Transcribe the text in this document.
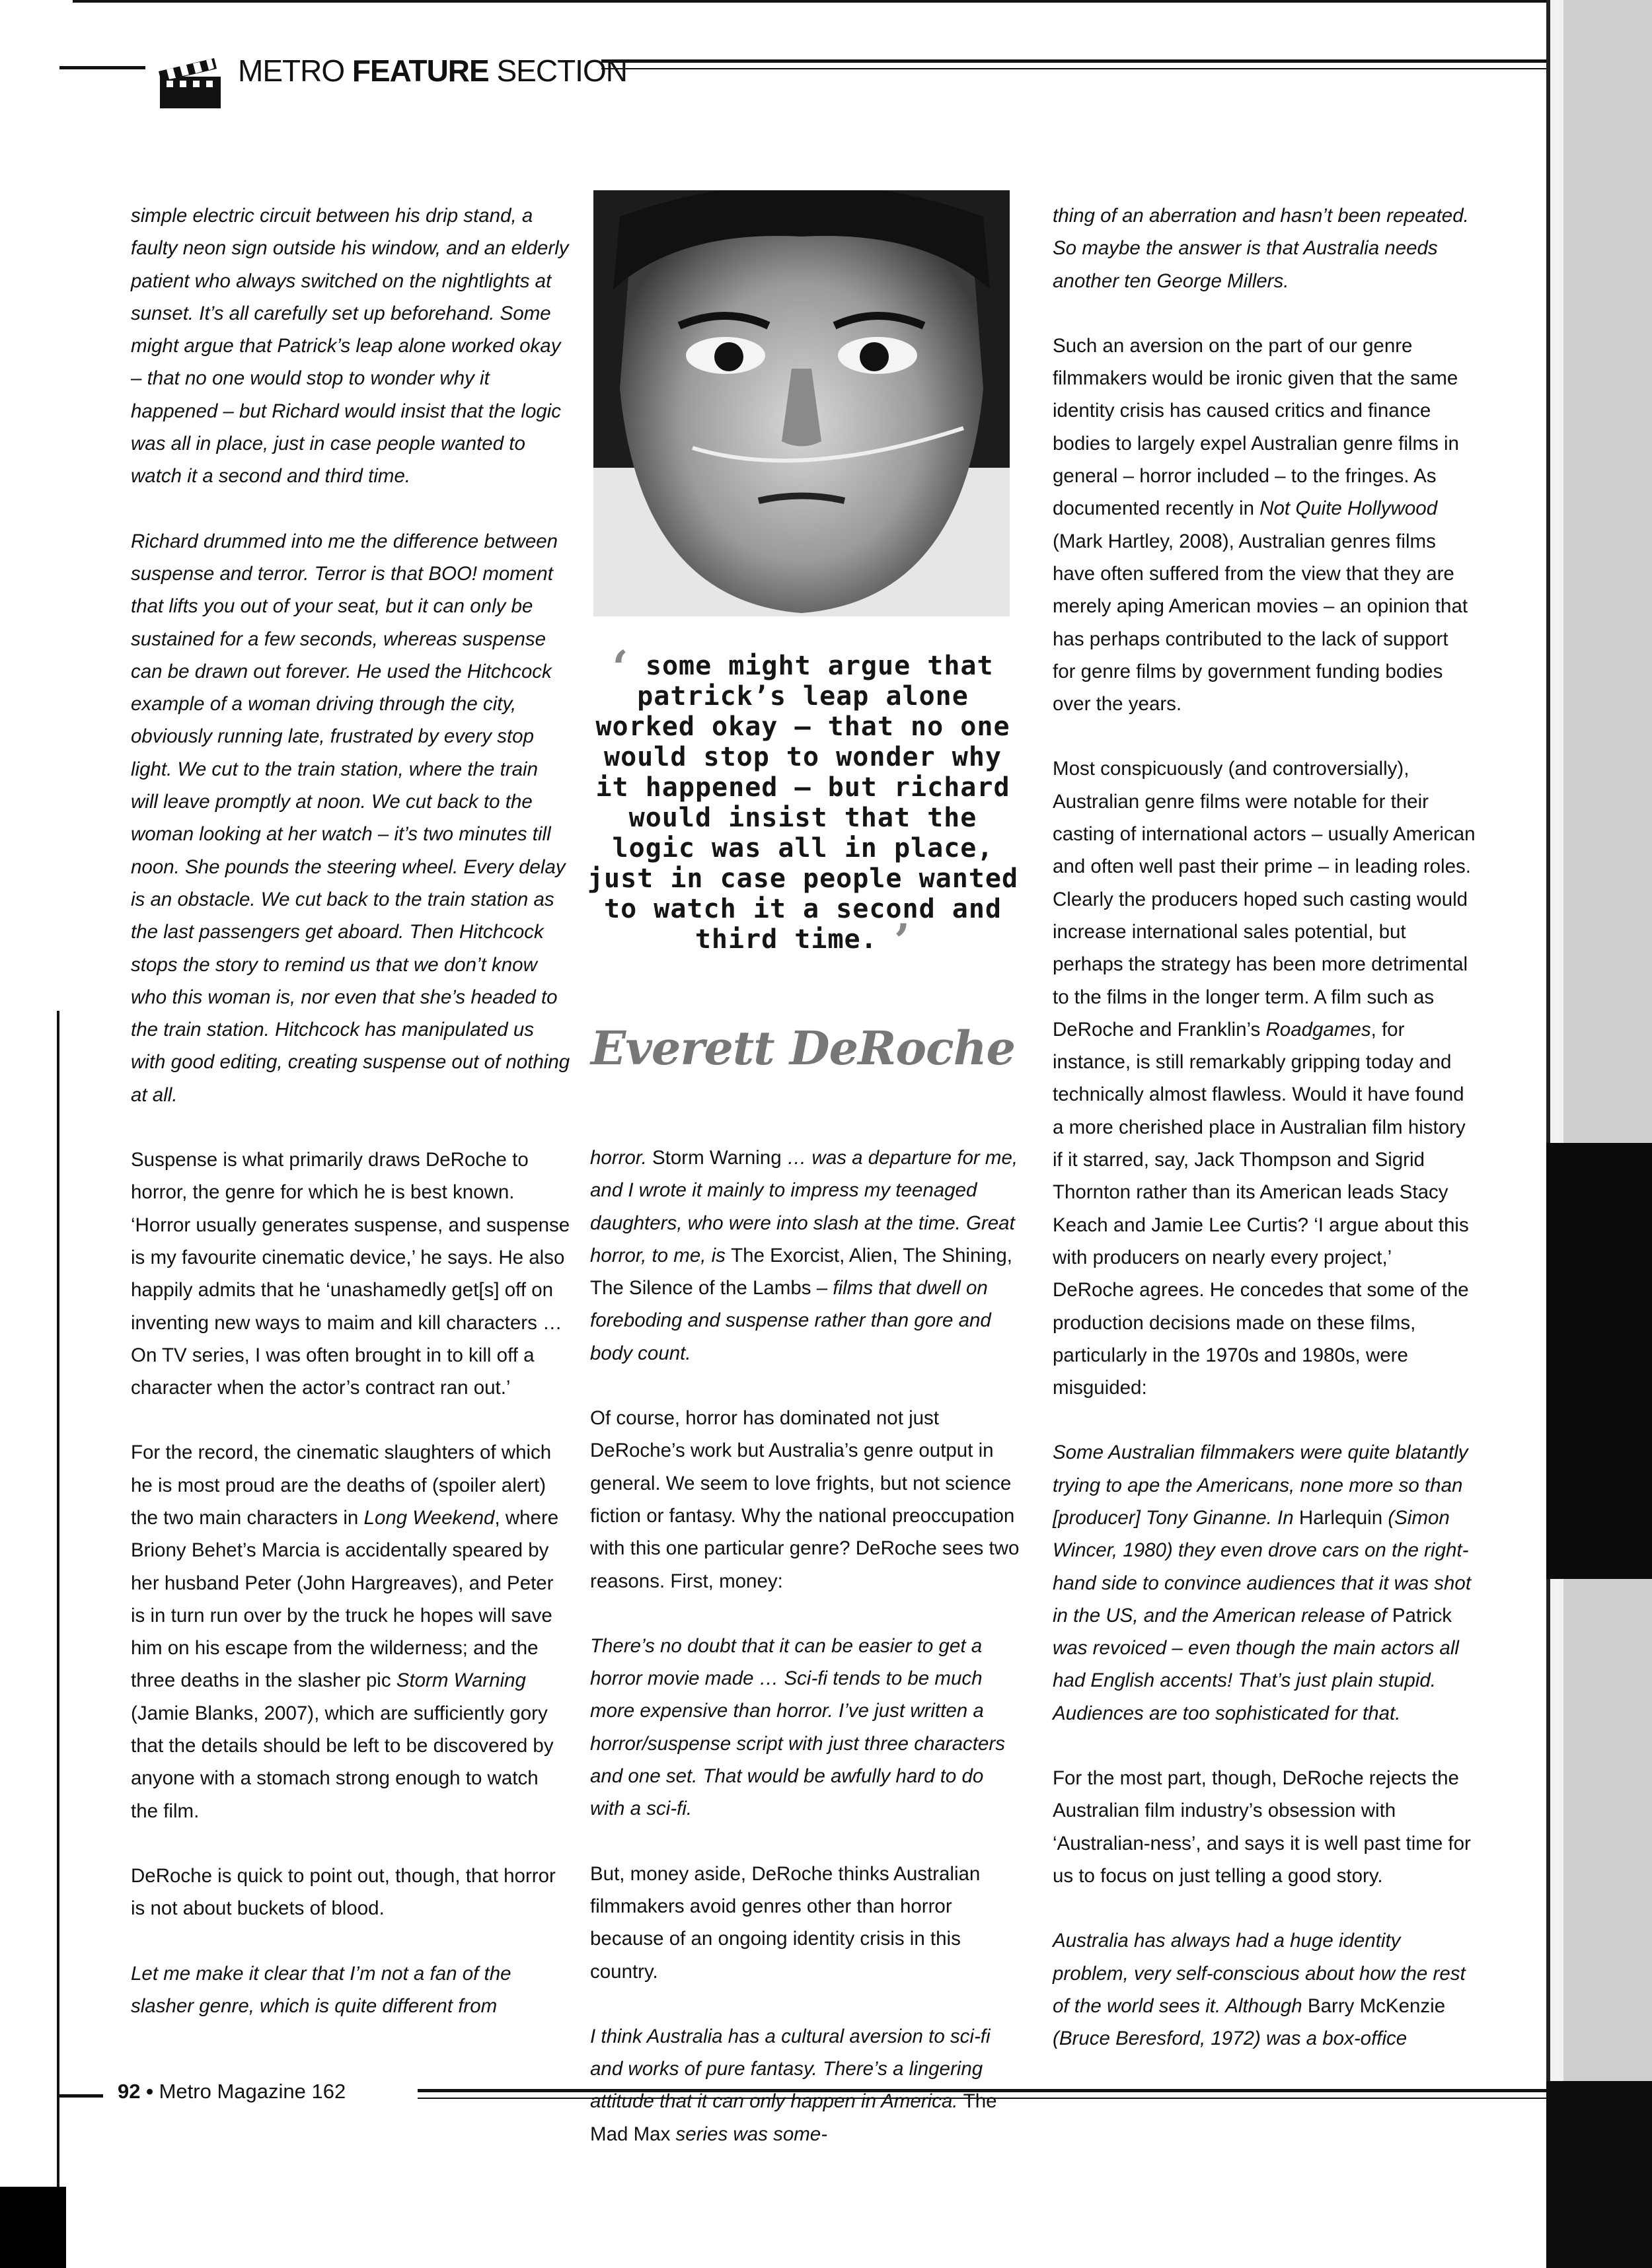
METRO FEATURE SECTION

simple electric circuit between his drip stand, a faulty neon sign outside his window, and an elderly patient who always switched on the nightlights at sunset. It’s all carefully set up beforehand. Some might argue that Patrick’s leap alone worked okay – that no one would stop to wonder why it happened – but Richard would insist that the logic was all in place, just in case people wanted to watch it a second and third time.

Richard drummed into me the difference between suspense and terror. Terror is that BOO! moment that lifts you out of your seat, but it can only be sustained for a few seconds, whereas suspense can be drawn out forever. He used the Hitchcock example of a woman driving through the city, obviously running late, frustrated by every stop light. We cut to the train station, where the train will leave promptly at noon. We cut back to the woman looking at her watch – it’s two minutes till noon. She pounds the steering wheel. Every delay is an obstacle. We cut back to the train station as the last passengers get aboard. Then Hitchcock stops the story to remind us that we don’t know who this woman is, nor even that she’s headed to the train station. Hitchcock has manipulated us with good editing, creating suspense out of nothing at all.

Suspense is what primarily draws DeRoche to horror, the genre for which he is best known. ‘Horror usually generates suspense, and suspense is my favourite cinematic device,’ he says. He also happily admits that he ‘unashamedly get[s] off on inventing new ways to maim and kill characters … On TV series, I was often brought in to kill off a character when the actor’s contract ran out.’

For the record, the cinematic slaughters of which he is most proud are the deaths of (spoiler alert) the two main characters in Long Weekend, where Briony Behet’s Marcia is accidentally speared by her husband Peter (John Hargreaves), and Peter is in turn run over by the truck he hopes will save him on his escape from the wilderness; and the three deaths in the slasher pic Storm Warning (Jamie Blanks, 2007), which are sufficiently gory that the details should be left to be discovered by anyone with a stomach strong enough to watch the film.

DeRoche is quick to point out, though, that horror is not about buckets of blood.

Let me make it clear that I’m not a fan of the slasher genre, which is quite different from

‘ some might argue that patrick’s leap alone worked okay – that no one would stop to wonder why it happened – but richard would insist that the logic was all in place, just in case people wanted to watch it a second and third time. ’
Everett DeRoche

horror. Storm Warning … was a departure for me, and I wrote it mainly to impress my teenaged daughters, who were into slash at the time. Great horror, to me, is The Exorcist, Alien, The Shining, The Silence of the Lambs – films that dwell on foreboding and suspense rather than gore and body count.

Of course, horror has dominated not just DeRoche’s work but Australia’s genre output in general. We seem to love frights, but not science fiction or fantasy. Why the national preoccupation with this one particular genre? DeRoche sees two reasons. First, money:

There’s no doubt that it can be easier to get a horror movie made … Sci-fi tends to be much more expensive than horror. I’ve just written a horror/suspense script with just three characters and one set. That would be awfully hard to do with a sci-fi.

But, money aside, DeRoche thinks Australian filmmakers avoid genres other than horror because of an ongoing identity crisis in this country.

I think Australia has a cultural aversion to sci-fi and works of pure fantasy. There’s a lingering attitude that it can only happen in America. The Mad Max series was some-

thing of an aberration and hasn’t been repeated. So maybe the answer is that Australia needs another ten George Millers.

Such an aversion on the part of our genre filmmakers would be ironic given that the same identity crisis has caused critics and finance bodies to largely expel Australian genre films in general – horror included – to the fringes. As documented recently in Not Quite Hollywood (Mark Hartley, 2008), Australian genres films have often suffered from the view that they are merely aping American movies – an opinion that has perhaps contributed to the lack of support for genre films by government funding bodies over the years.

Most conspicuously (and controversially), Australian genre films were notable for their casting of international actors – usually American and often well past their prime – in leading roles. Clearly the producers hoped such casting would increase international sales potential, but perhaps the strategy has been more detrimental to the films in the longer term. A film such as DeRoche and Franklin’s Roadgames, for instance, is still remarkably gripping today and technically almost flawless. Would it have found a more cherished place in Australian film history if it starred, say, Jack Thompson and Sigrid Thornton rather than its American leads Stacy Keach and Jamie Lee Curtis? ‘I argue about this with producers on nearly every project,’ DeRoche agrees. He concedes that some of the production decisions made on these films, particularly in the 1970s and 1980s, were misguided:

Some Australian filmmakers were quite blatantly trying to ape the Americans, none more so than [producer] Tony Ginanne. In Harlequin (Simon Wincer, 1980) they even drove cars on the right-hand side to convince audiences that it was shot in the US, and the American release of Patrick was revoiced – even though the main actors all had English accents! That’s just plain stupid. Audiences are too sophisticated for that.

For the most part, though, DeRoche rejects the Australian film industry’s obsession with ‘Australian-ness’, and says it is well past time for us to focus on just telling a good story.

Australia has always had a huge identity problem, very self-conscious about how the rest of the world sees it. Although Barry McKenzie (Bruce Beresford, 1972) was a box-office

92 • Metro Magazine 162
